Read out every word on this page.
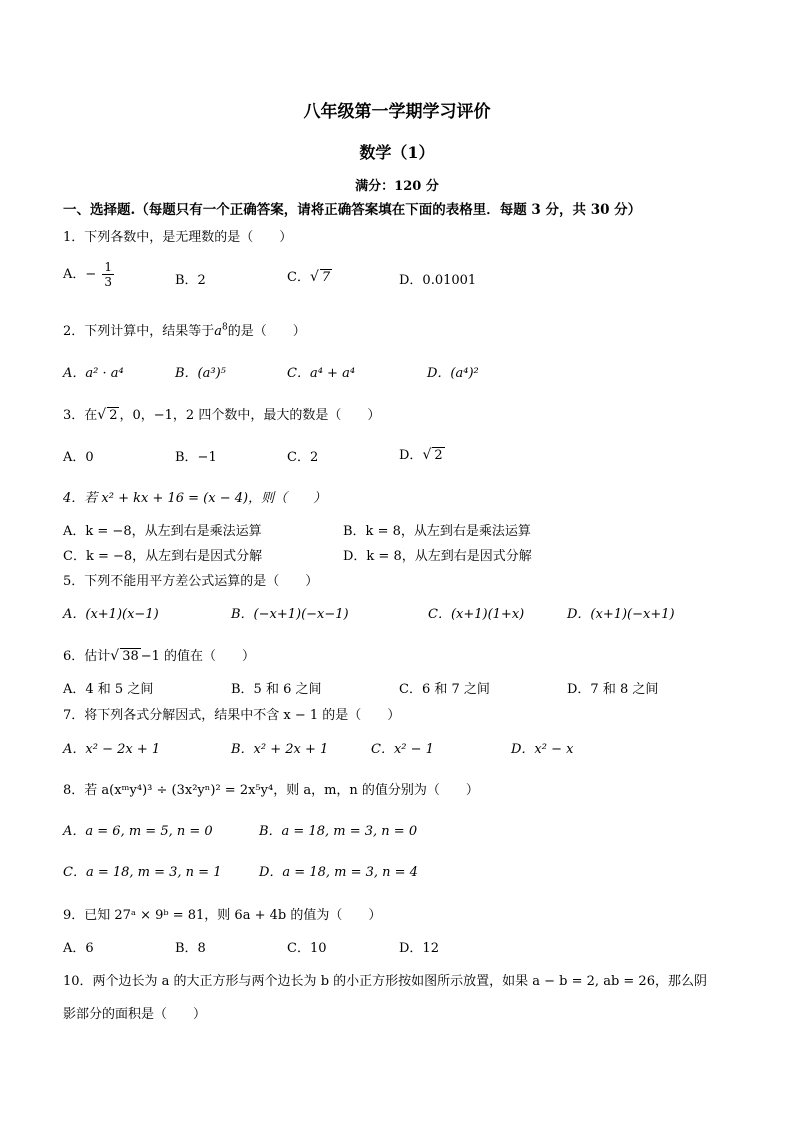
八年级第一学期学习评价
数学（1）
满分：120 分
一、选择题.（每题只有一个正确答案，请将正确答案填在下面的表格里．每题 3 分，共 30 分）
1．下列各数中，是无理数的是（　　）
A．− $\frac{1}{3}$	B．2	C．√ 7	D．0.01001
2．下列计算中，结果等于$a^8$的是（　　）
A．a² · a⁴	B．(a³)⁵	C．a⁴ + a⁴	D．(a⁴)²
3．在√ 2 ，0，−1，2 四个数中，最大的数是（　　）
A．0	B．−1	C．2	D．√ 2
4．若 x² + kx + 16 = (x − 4)，则（　　）
A．k = −8，从左到右是乘法运算	B．k = 8，从左到右是乘法运算
C．k = −8，从左到右是因式分解	D．k = 8，从左到右是因式分解
5．下列不能用平方差公式运算的是（　　）
A．(x+1)(x−1)	B．(−x+1)(−x−1)	C．(x+1)(1+x)	D．(x+1)(−x+1)
6．估计√ 38 −1 的值在（　　）
A．4 和 5 之间	B．5 和 6 之间	C．6 和 7 之间	D．7 和 8 之间
7．将下列各式分解因式，结果中不含 x − 1 的是（　　）
A．x² − 2x + 1	B．x² + 2x + 1	C．x² − 1	D．x² − x
8．若 a(xᵐy⁴)³ ÷ (3x²yⁿ)² = 2x⁵y⁴，则 a，m，n 的值分别为（　　）
A．a = 6, m = 5, n = 0	B．a = 18, m = 3, n = 0
C．a = 18, m = 3, n = 1	D．a = 18, m = 3, n = 4
9．已知 27ᵃ × 9ᵇ = 81，则 6a + 4b 的值为（　　）
A．6	B．8	C．10	D．12
10．两个边长为 a 的大正方形与两个边长为 b 的小正方形按如图所示放置，如果 a − b = 2, ab = 26，那么阴
影部分的面积是（　　）
